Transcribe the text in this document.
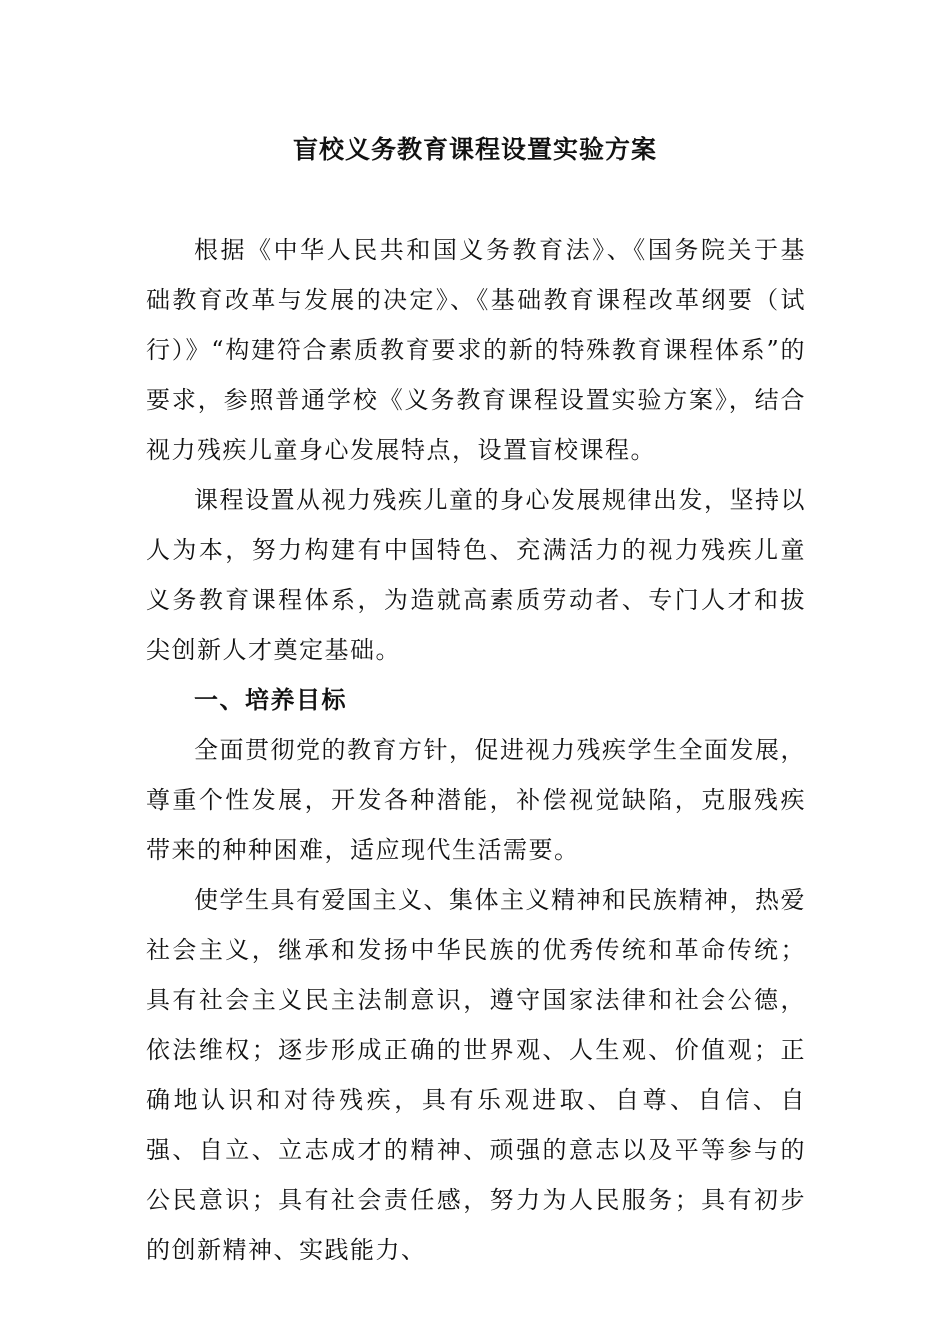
盲校义务教育课程设置实验方案

根据《中华人民共和国义务教育法》、《国务院关于基础教育改革与发展的决定》、《基础教育课程改革纲要（试行）》“构建符合素质教育要求的新的特殊教育课程体系”的要求，参照普通学校《义务教育课程设置实验方案》，结合视力残疾儿童身心发展特点，设置盲校课程。

课程设置从视力残疾儿童的身心发展规律出发，坚持以人为本，努力构建有中国特色、充满活力的视力残疾儿童义务教育课程体系，为造就高素质劳动者、专门人才和拔尖创新人才奠定基础。

一、培养目标

全面贯彻党的教育方针，促进视力残疾学生全面发展，尊重个性发展，开发各种潜能，补偿视觉缺陷，克服残疾带来的种种困难，适应现代生活需要。

使学生具有爱国主义、集体主义精神和民族精神，热爱社会主义，继承和发扬中华民族的优秀传统和革命传统；具有社会主义民主法制意识，遵守国家法律和社会公德，依法维权；逐步形成正确的世界观、人生观、价值观；正确地认识和对待残疾，具有乐观进取、自尊、自信、自强、自立、立志成才的精神、顽强的意志以及平等参与的公民意识；具有社会责任感，努力为人民服务；具有初步的创新精神、实践能力、
